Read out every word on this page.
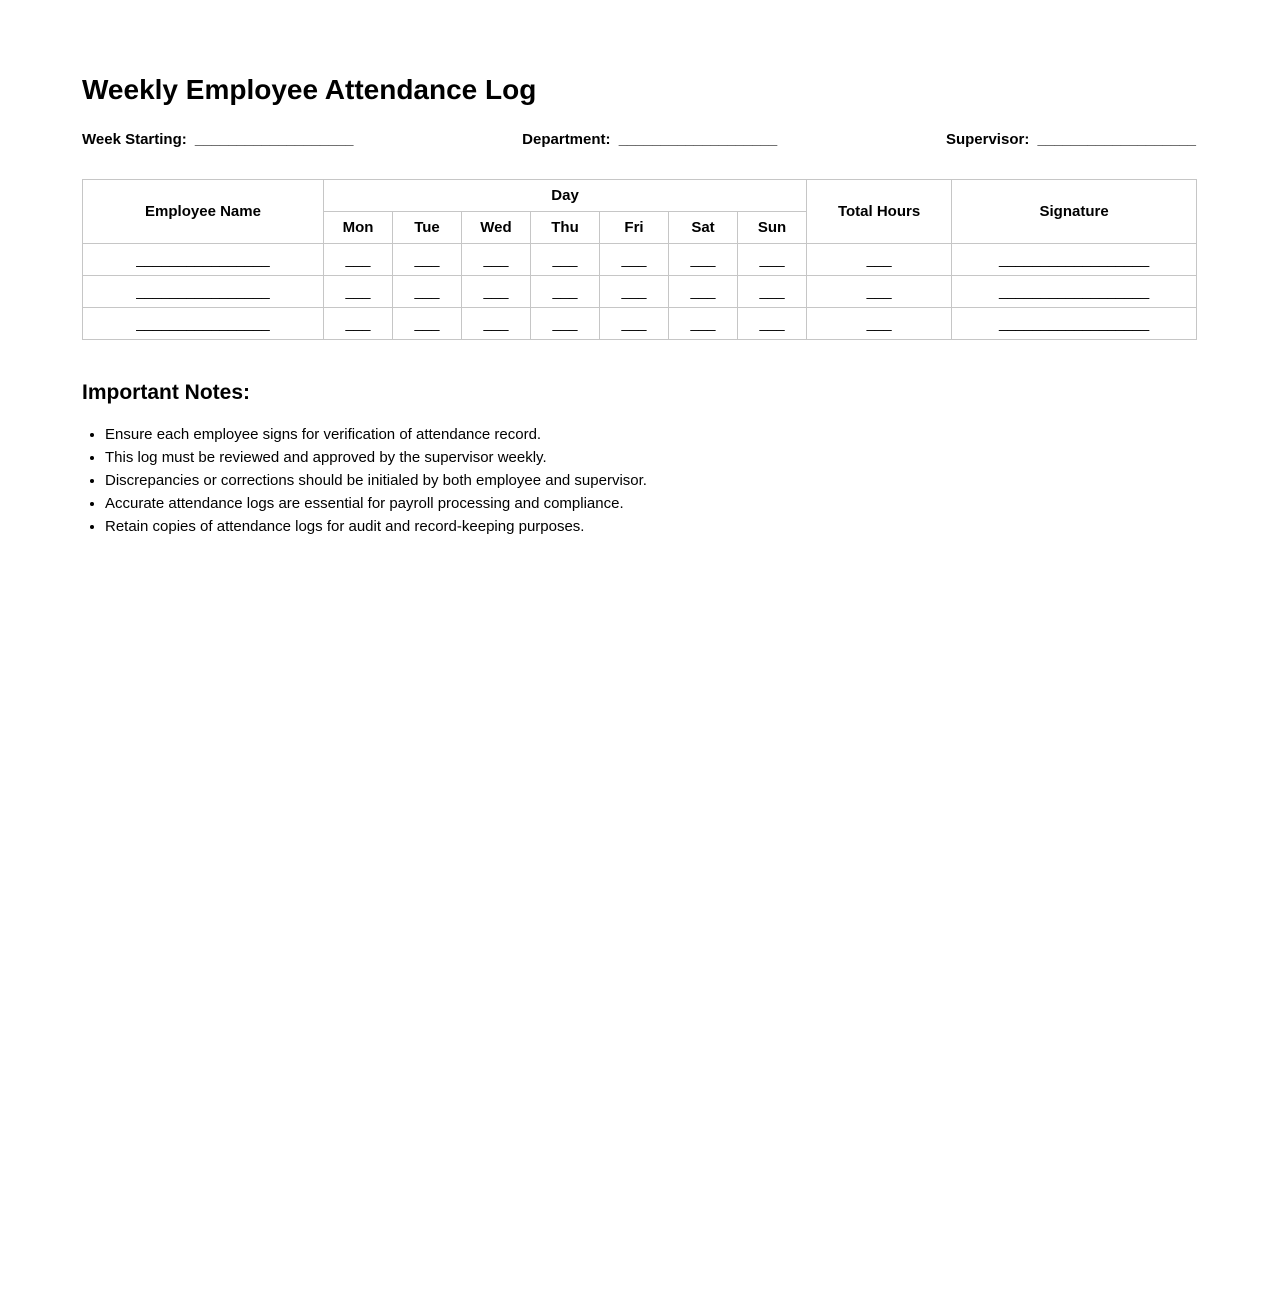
Weekly Employee Attendance Log
Week Starting: ___________________	Department: ___________________	Supervisor: ___________________
Employee Name	Day							Total Hours	Signature
	Mon	Tue	Wed	Thu	Fri	Sat	Sun		
________________	___	___	___	___	___	___	___	___	__________________
________________	___	___	___	___	___	___	___	___	__________________
________________	___	___	___	___	___	___	___	___	__________________
Important Notes:
• Ensure each employee signs for verification of attendance record.
• This log must be reviewed and approved by the supervisor weekly.
• Discrepancies or corrections should be initialed by both employee and supervisor.
• Accurate attendance logs are essential for payroll processing and compliance.
• Retain copies of attendance logs for audit and record-keeping purposes.
